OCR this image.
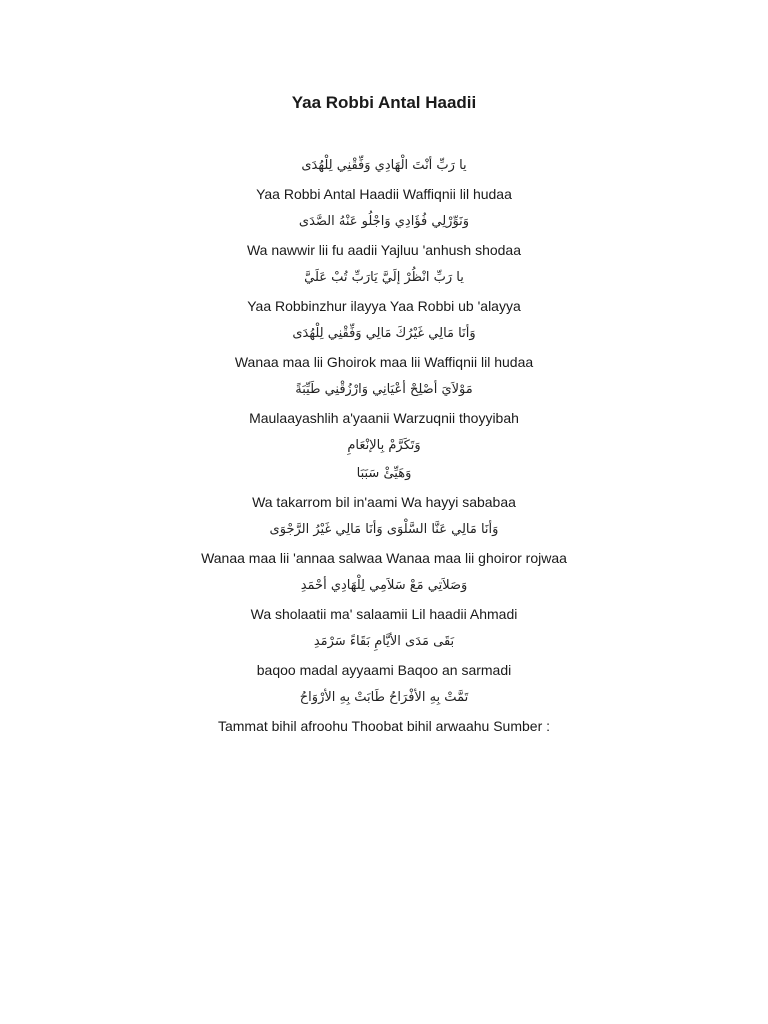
Yaa Robbi Antal Haadii
يا رَبِّ أنْتَ الْهَادِي وَفِّقْنِي لِلْهُدَى
Yaa Robbi Antal Haadii Waffiqnii lil hudaa
وَنَوِّرْلِي فُؤَادِي وَاجْلُو عَنْهُ الصَّدَى
Wa nawwir lii fu aadii Yajluu 'anhush shodaa
يا رَبِّ انْظُرْ إلَيَّ يَارَبِّ تُبْ عَلَيَّ
Yaa Robbinzhur ilayya Yaa Robbi ub 'alayya
وَأنَا مَالِي غَيْرُكَ مَالِي وَفِّقْنِي لِلْهُدَى
Wanaa maa lii Ghoirok maa lii Waffiqnii lil hudaa
مَوْلاَيَ أصْلِحْ أعْيَانِي وَارْزُقْنِي طَيِّبَةً
Maulaayashlih a'yaanii Warzuqnii thoyyibah
وَتَكَرَّمْ بِالإنْعَامِ
وَهَيِّئْ سَبَبَا
Wa takarrom bil in'aami Wa hayyi sababaa
وَأنَا مَالِي عَنَّا السَّلْوَى وَأنَا مَالِي غَيْرُ الرَّجْوَى
Wanaa maa lii 'annaa salwaa Wanaa maa lii ghoiror rojwaa
وَصَلاَتِي مَعْ سَلاَمِي لِلْهَادِي أحْمَدِ
Wa sholaatii ma' salaamii Lil haadii Ahmadi
بَقَى مَدَى الأيَّامِ بَقَاءً سَرْمَدِ
baqoo madal ayyaami Baqoo an sarmadi
تَمَّتْ بِهِ الأفْرَاحُ طَابَتْ بِهِ الأرْوَاحُ
Tammat bihil afroohu Thoobat bihil arwaahu Sumber :
